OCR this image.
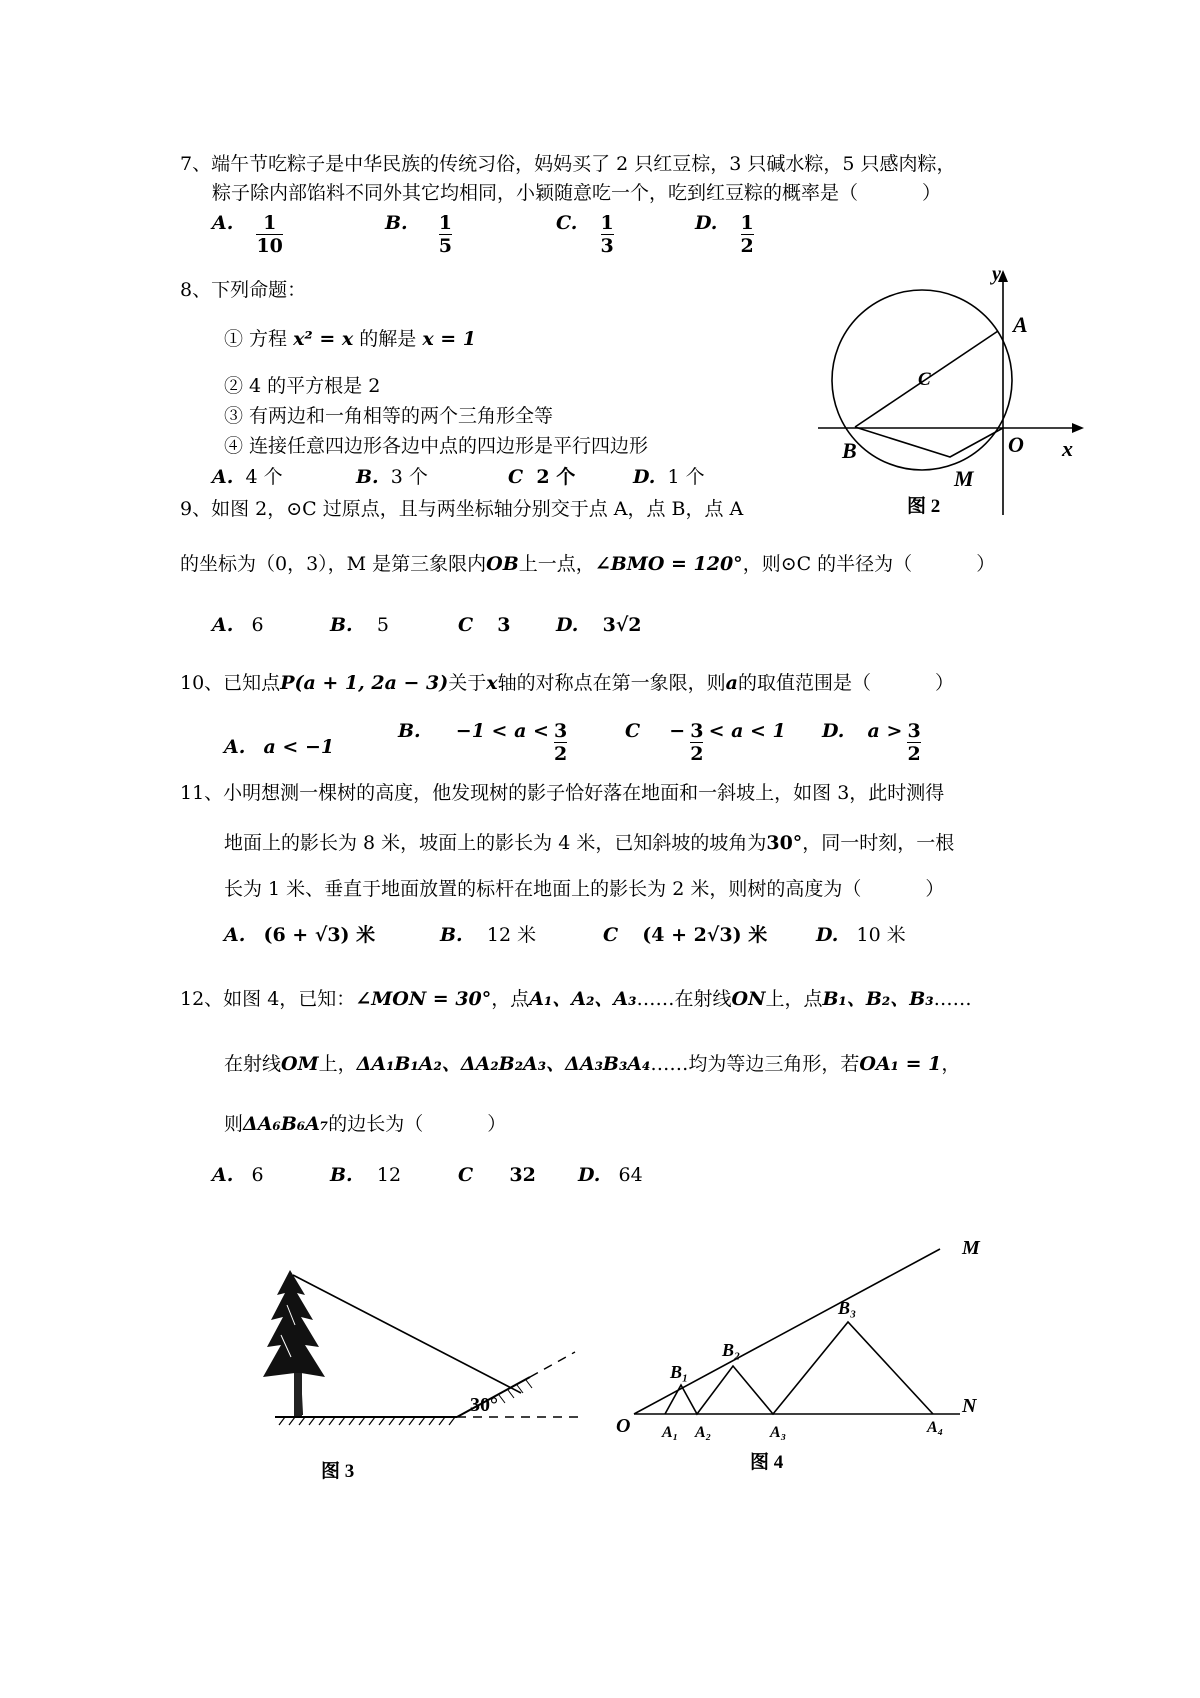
7、端午节吃粽子是中华民族的传统习俗，妈妈买了 2 只红豆棕，3 只碱水粽，5 只感肉粽，
粽子除内部馅料不同外其它均相同，小颖随意吃一个，吃到红豆粽的概率是（	）
A. $\frac{1}{10}$	B. $\frac{1}{5}$	C. $\frac{1}{3}$	D. $\frac{1}{2}$
8、下列命题：
① 方程 x² = x 的解是 x = 1
② 4 的平方根是 2
③ 有两边和一角相等的两个三角形全等
④ 连接任意四边形各边中点的四边形是平行四边形
A. 4 个	B. 3 个	C 2 个	D. 1 个
y
A
C
B	O x
M
图 2
9、如图 2，⊙C 过原点，且与两坐标轴分别交于点 A，点 B，点 A
的坐标为（0，3），M 是第三象限内OB上一点，∠BMO = 120°，则⊙C 的半径为（	）
A. 6	B. 5	C 3 D. 3√2
10、已知点P(a + 1, 2a − 3)关于x轴的对称点在第一象限，则a的取值范围是（	）
A. a < −1
B. $-1 < a < \frac{3}{2}$	$C - \frac{3}{2} < a < 1$ D. $a > \frac{3}{2}$
11、小明想测一棵树的高度，他发现树的影子恰好落在地面和一斜坡上，如图 3，此时测得
地面上的影长为 8 米，坡面上的影长为 4 米，已知斜坡的坡角为30°，同一时刻，一根
长为 1 米、垂直于地面放置的标杆在地面上的影长为 2 米，则树的高度为（	）
A. (6 + √3) 米	B. 12 米	C (4 + 2√3) 米	D. 10 米
12、如图 4，已知：∠MON = 30°，点A₁、A₂、A₃……在射线ON上，点B₁、B₂、B₃……
在射线OM上，ΔA₁B₁A₂、ΔA₂B₂A₃、ΔA₃B₃A₄……均为等边三角形，若OA₁ = 1，
则ΔA₆B₆A₇的边长为（	）
A. 6	B. 12	C 32 D. 64
30°
图 3
M
N
O
B₁
B₂
B₃
A₁ A₂	A₃	A₄
图 4
